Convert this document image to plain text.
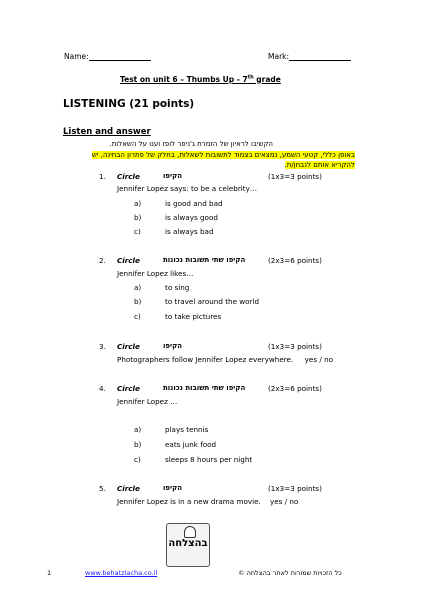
Name:	Mark:
Test on unit 6 – Thumbs Up - 7th grade
LISTENING (21 points)
Listen and answer
הקשיבו לראיון של הזמרת ג'ניפר לופז וענו על השאלות.
באופן כללי, קטעי השמע, נמצאים בצמוד לתשובות לשאלות, בחלק של פתרון הבחינה, יש
להקריא אותם לנבחן/ת.
1. Circle	הקיפו	(1x3=3 points)
Jennifer Lopez says: to be a celebrity…
a)	is good and bad
b)	is always good
c)	is always bad
2. Circle	הקיפו שתי תשובות נכונות	(2x3=6 points)
Jennifer Lopez likes…
a)	to sing
b)	to travel around the world
c)	to take pictures
3. Circle	הקיפו	(1x3=3 points)
Photographers follow Jennifer Lopez everywhere.     yes / no
4. Circle	הקיפו שתי תשובות נכונות	(2x3=6 points)
Jennifer Lopez …
a)	plays tennis
b)	eats junk food
c)	sleeps 8 hours per night
5. Circle	הקיפו	(1x3=3 points)
Jennifer Lopez is in a new drama movie.    yes / no
בהצלחה
1	www.behatzlacha.co.il	כל הזכויות שמורות לאתר בהצלחה ©
